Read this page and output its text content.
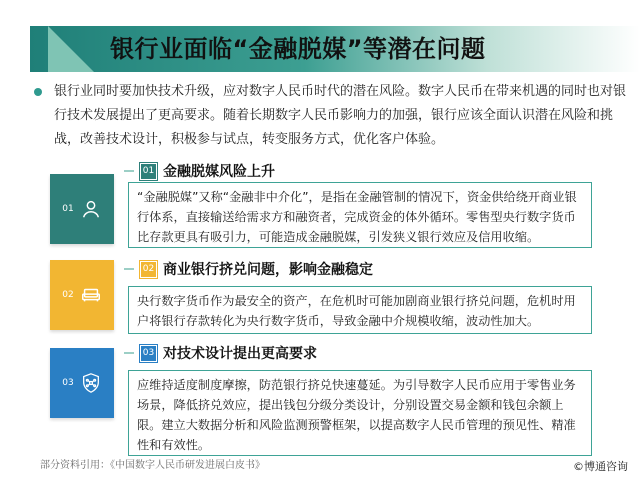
银行业面临“金融脱媒”等潜在问题
银行业同时要加快技术升级，应对数字人民币时代的潜在风险。数字人民币在带来机遇的同时也对银行技术发展提出了更高要求。随着长期数字人民币影响力的加强，银行应该全面认识潜在风险和挑战，改善技术设计，积极参与试点，转变服务方式，优化客户体验。
01
01 金融脱媒风险上升
“金融脱媒”又称“金融非中介化”，是指在金融管制的情况下，资金供给绕开商业银行体系，直接输送给需求方和融资者，完成资金的体外循环。零售型央行数字货币比存款更具有吸引力，可能造成金融脱媒，引发狭义银行效应及信用收缩。
02
02 商业银行挤兑问题，影响金融稳定
央行数字货币作为最安全的资产，在危机时可能加剧商业银行挤兑问题，危机时用户将银行存款转化为央行数字货币，导致金融中介规模收缩，波动性加大。
03
03 对技术设计提出更高要求
应维持适度制度摩擦，防范银行挤兑快速蔓延。为引导数字人民币应用于零售业务场景，降低挤兑效应，提出钱包分级分类设计，分别设置交易金额和钱包余额上限。建立大数据分析和风险监测预警框架，以提高数字人民币管理的预见性、精准性和有效性。
部分资料引用：《中国数字人民币研发进展白皮书》	©博通咨询
